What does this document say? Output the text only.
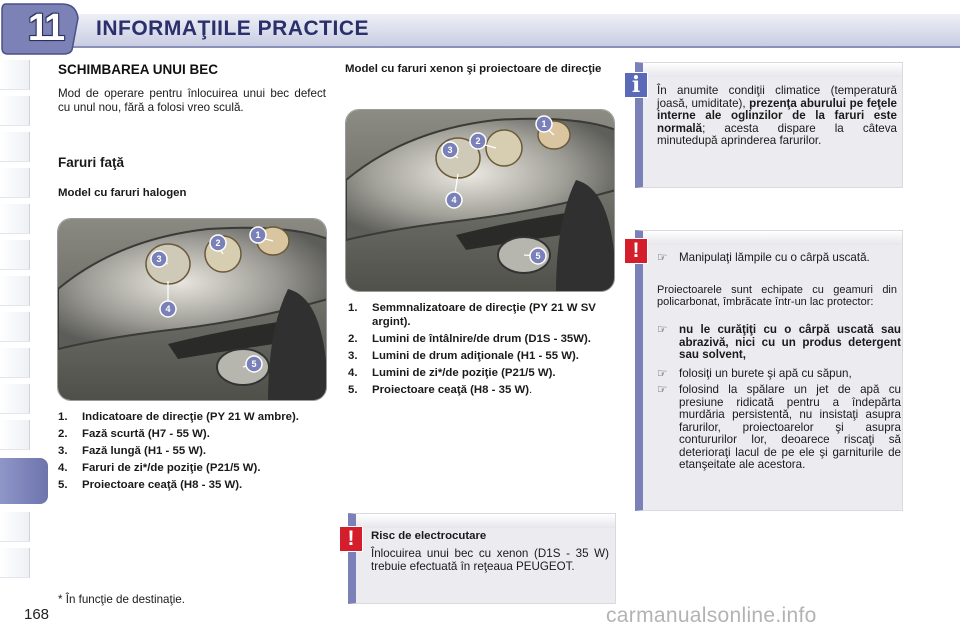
11	INFORMAŢIILE PRACTICE
SCHIMBAREA UNUI BEC
Mod de operare pentru înlocuirea unui bec defect cu unul nou, fără a folosi vreo sculă.
Faruri faţă
Model cu faruri halogen
1
2
3
4
5
1.	Indicatoare de direcţie (PY 21 W ambre).
2.	Fază scurtă (H7 - 55 W).
3.	Fază lungă (H1 - 55 W).
4.	Faruri de zi*/de poziţie (P21/5 W).
5.	Proiectoare ceaţă (H8 - 35 W).
* În funcţie de destinaţie.
168
Model cu faruri xenon şi proiectoare de direcţie
1
2
3
4
5
1.	Semmnalizatoare de direcţie (PY 21 W SV argint).
2.	Lumini de întâlnire/de drum (D1S - 35W).
3.	Lumini de drum adiţionale (H1 - 55 W).
4.	Lumini de zi*/de poziţie (P21/5 W).
5.	Proiectoare ceaţă (H8 - 35 W).
i	În anumite condiţii climatice (temperatură joasă, umiditate), prezenţa aburului pe feţele interne ale oglinzilor de la faruri este normală; acesta dispare la câteva minutedupă aprinderea farurilor.
!	☞ Manipulaţi lămpile cu o cârpă uscată.
Proiectoarele sunt echipate cu geamuri din policarbonat, îmbrăcate într-un lac protector:
☞ nu le curăţiţi cu o cârpă uscată sau abrazivă, nici cu un produs detergent sau solvent,
☞ folosiţi un burete şi apă cu săpun,
☞ folosind la spălare un jet de apă cu presiune ridicată pentru a îndepărta murdăria persistentă, nu insistaţi asupra farurilor, proiectoarelor şi asupra contururilor lor, deoarece riscaţi să deterioraţi lacul de pe ele şi garniturile de etanşeitate ale acestora.
!	Risc de electrocutare
Înlocuirea unui bec cu xenon (D1S - 35 W) trebuie efectuată în reţeaua PEUGEOT.
carmanualsonline.info
